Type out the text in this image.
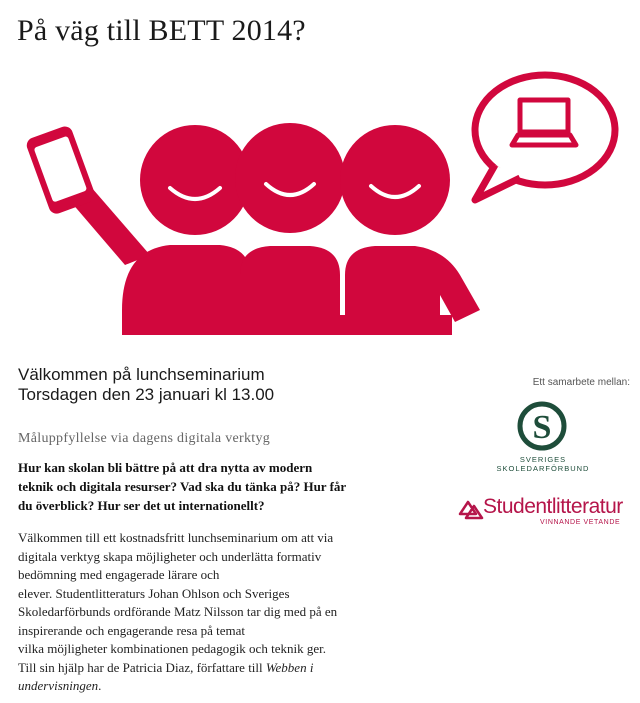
På väg till BETT 2014?
Välkommen på lunchseminarium
Torsdagen den 23 januari kl 13.00
Måluppfyllelse via dagens digitala verktyg
Hur kan skolan bli bättre på att dra nytta av modern
teknik och digitala resurser? Vad ska du tänka på? Hur får
du överblick? Hur ser det ut internationellt?

Välkommen till ett kostnadsfritt lunchseminarium om att via

digitala verktyg skapa möjligheter och underlätta formativ

bedömning med engagerade lärare och

elever. Studentlitteraturs Johan Ohlson och Sveriges

Skoledarförbunds ordförande Matz Nilsson tar dig med på en

inspirerande och engagerande resa på temat

vilka möjligheter kombinationen pedagogik och teknik ger.

Till sin hjälp har de Patricia Diaz, författare till Webben i

undervisningen.

Ett samarbete mellan:
S
SVERIGES
SKOLEDARFÖRBUND
Studentlitteratur
VINNANDE VETANDE
